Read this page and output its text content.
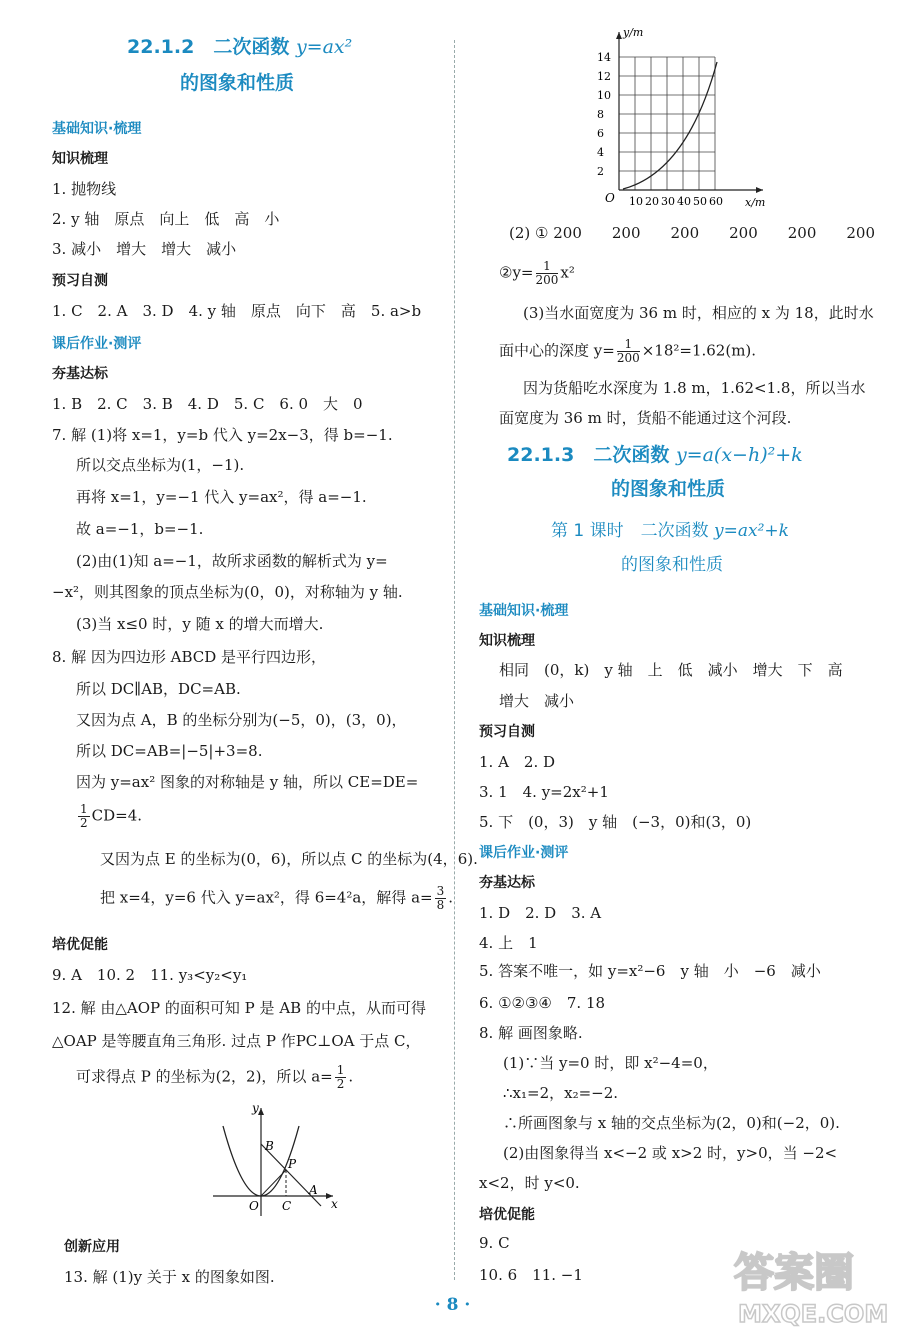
22.1.2　二次函数 y=ax²
的图象和性质
基础知识·梳理
知识梳理
1. 抛物线
2. y 轴　原点　向上　低　高　小
3. 减小　增大　增大　减小
预习自测
1. C　2. A　3. D　4. y 轴　原点　向下　高　5. a>b
课后作业·测评
夯基达标
1. B　2. C　3. B　4. D　5. C　6. 0　大　0
7. 解 (1)将 x=1，y=b 代入 y=2x−3，得 b=−1.
所以交点坐标为(1，−1).
再将 x=1，y=−1 代入 y=ax²，得 a=−1.
故 a=−1，b=−1.
(2)由(1)知 a=−1，故所求函数的解析式为 y=
−x²，则其图象的顶点坐标为(0，0)，对称轴为 y 轴.
(3)当 x≤0 时，y 随 x 的增大而增大.
8. 解 因为四边形 ABCD 是平行四边形，
所以 DC∥AB，DC=AB.
又因为点 A，B 的坐标分别为(−5，0)，(3，0)，
所以 DC=AB=|−5|+3=8.
因为 y=ax² 图象的对称轴是 y 轴，所以 CE=DE=
$\frac{1}{2} CD=4$.
又因为点 E 的坐标为(0，6)，所以点 C 的坐标为(4，6).
把 x=4，y=6 代入 y=ax²，得 6=4²a，解得 $a= \frac{3}{8}$ .
培优促能
9. A　10. 2　11. y₃<y₂<y₁
12. 解 由△AOP 的面积可知 P 是 AB 的中点，从而可得
△OAP 是等腰直角三角形. 过点 P 作PC⊥OA 于点 C，
可求得点 P 的坐标为(2，2)，所以 $a= \frac{1}{2}$ .
y
x
O
B
P
C
A
创新应用
13. 解 (1)y 关于 x 的图象如图.
y/m
x/m
O
14
12
10
8
6
4
2
10 20 30 40 50 60
(2) ① 200　　200　　200　　200　　200　　200
②y= $\frac{1}{200} x^2$
(3)当水面宽度为 36 m 时，相应的 x 为 18，此时水
面中心的深度 $y= \frac{1}{200} \times 18^2=1.62(m)$.
因为货船吃水深度为 1.8 m，1.62<1.8，所以当水
面宽度为 36 m 时，货船不能通过这个河段.
22.1.3　二次函数 y=a(x−h)²+k
的图象和性质
第 1 课时　二次函数 y=ax²+k
的图象和性质
基础知识·梳理
知识梳理
相同　(0，k)　y 轴　上　低　减小　增大　下　高
增大　减小
预习自测
1. A　2. D
3. 1　4. y=2x²+1
5. 下　(0，3)　y 轴　(−3，0)和(3，0)
课后作业·测评
夯基达标
1. D　2. D　3. A
4. 上　1
5. 答案不唯一，如 y=x²−6　y 轴　小　−6　减小
6. ①②③④　7. 18
8. 解 画图象略.
(1)∵当 y=0 时，即 x²−4=0，
∴x₁=2，x₂=−2.
∴所画图象与 x 轴的交点坐标为(2，0)和(−2，0).
(2)由图象得当 x<−2 或 x>2 时，y>0，当 −2<
x<2，时 y<0.
培优促能
9. C
10. 6　11. −1
· 8 ·
答案圈
MXQE.COM
